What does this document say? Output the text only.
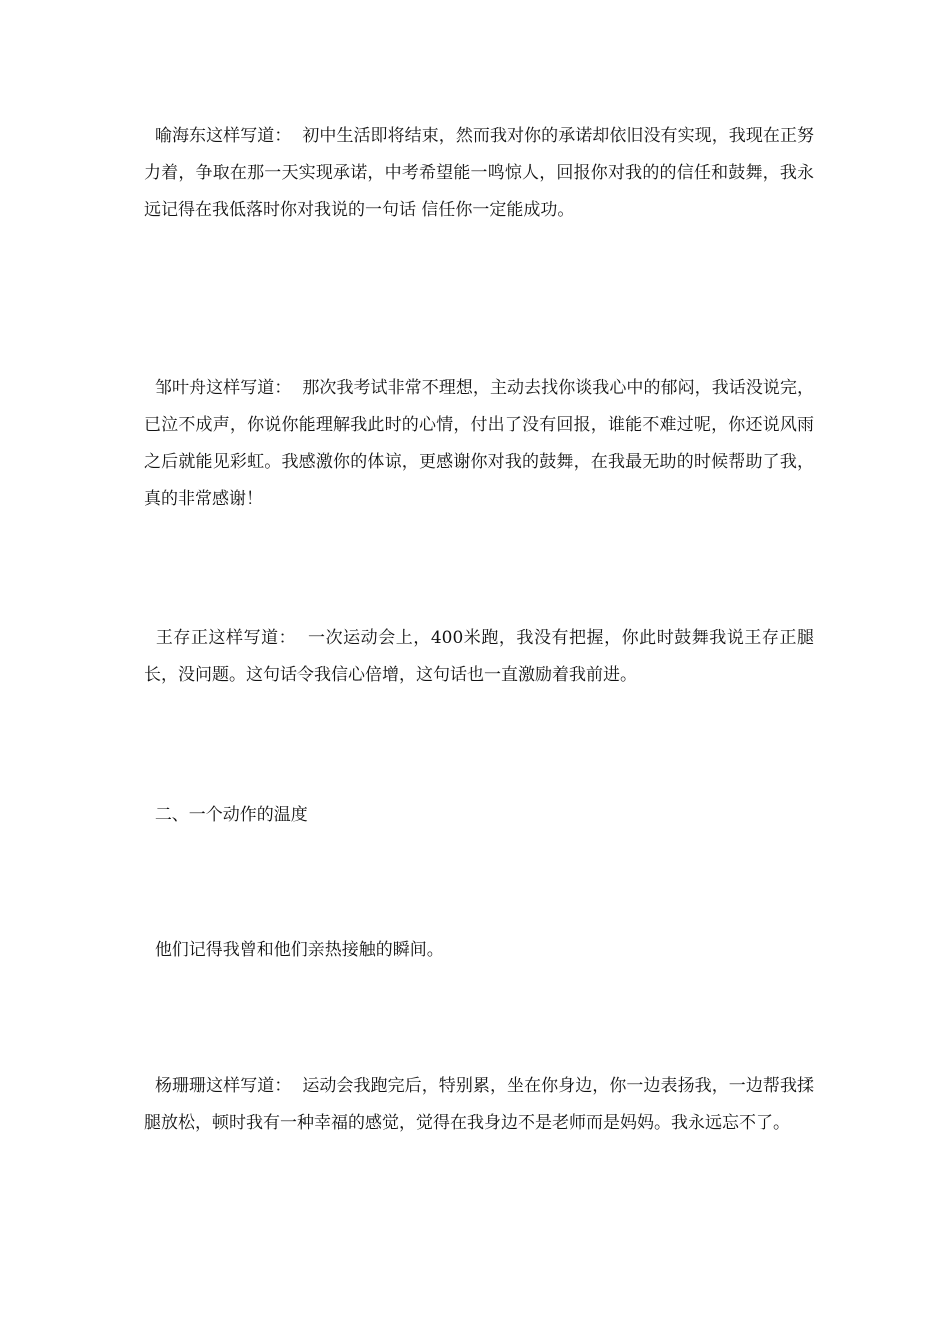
喻海东这样写道：  初中生活即将结束，然而我对你的承诺却依旧没有实现，我现在正努力着，争取在那一天实现承诺，中考希望能一鸣惊人，回报你对我的的信任和鼓舞，我永远记得在我低落时你对我说的一句话 信任你一定能成功。

邹叶舟这样写道：  那次我考试非常不理想，主动去找你谈我心中的郁闷，我话没说完，已泣不成声，你说你能理解我此时的心情，付出了没有回报，谁能不难过呢，你还说风雨之后就能见彩虹。我感激你的体谅，更感谢你对我的鼓舞，在我最无助的时候帮助了我，真的非常感谢！

王存正这样写道：  一次运动会上，400米跑，我没有把握，你此时鼓舞我说王存正腿长，没问题。这句话令我信心倍增，这句话也一直激励着我前进。

二、一个动作的温度

他们记得我曾和他们亲热接触的瞬间。

杨珊珊这样写道：  运动会我跑完后，特别累，坐在你身边，你一边表扬我，一边帮我揉腿放松，顿时我有一种幸福的感觉，觉得在我身边不是老师而是妈妈。我永远忘不了。
